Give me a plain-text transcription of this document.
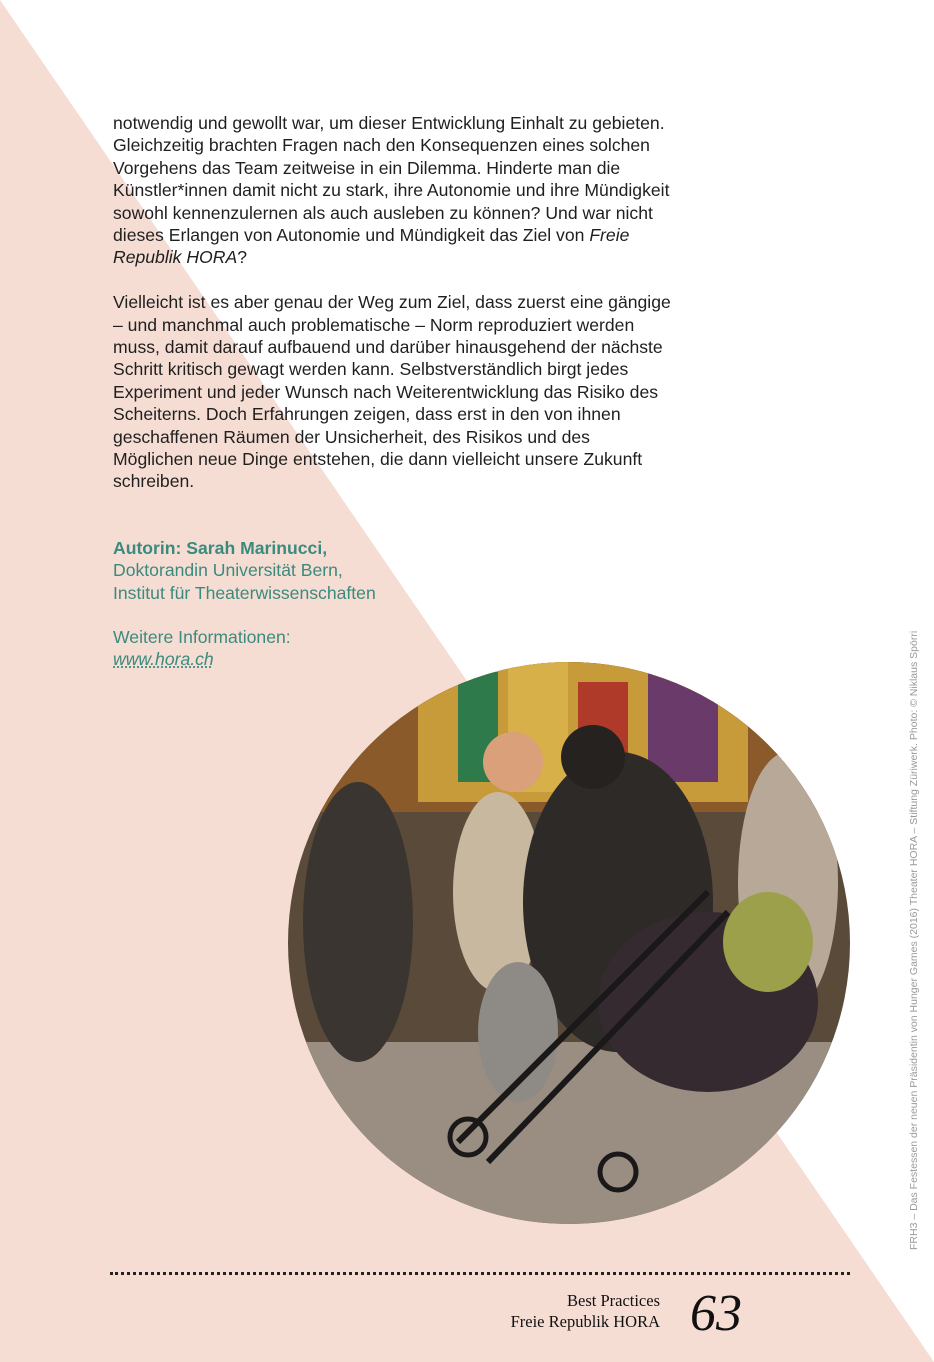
notwendig und gewollt war, um dieser Entwicklung Einhalt zu gebieten. Gleichzeitig brachten Fragen nach den Konsequenzen eines solchen Vorgehens das Team zeitweise in ein Dilemma. Hinderte man die Künstler*innen damit nicht zu stark, ihre Autonomie und ihre Mündigkeit sowohl kennenzulernen als auch ausleben zu können? Und war nicht dieses Erlangen von Autonomie und Mündigkeit das Ziel von Freie Republik HORA?

Vielleicht ist es aber genau der Weg zum Ziel, dass zuerst eine gängige – und manchmal auch problematische – Norm reproduziert werden muss, damit darauf aufbauend und darüber hinausgehend der nächste Schritt kritisch gewagt werden kann. Selbstverständlich birgt jedes Experiment und jeder Wunsch nach Weiterentwicklung das Risiko des Scheiterns. Doch Erfahrungen zeigen, dass erst in den von ihnen geschaffenen Räumen der Unsicherheit, des Risikos und des Möglichen neue Dinge entstehen, die dann vielleicht unsere Zukunft schreiben.

Autorin: Sarah Marinucci,
Doktorandin Universität Bern,
Institut für Theaterwissenschaften
Weitere Informationen:
www.hora.ch	FRH3 – Das Festessen der neuen Präsidentin von Hunger Games (2016) Theater HORA – Stiftung Züriwerk. Photo: © Niklaus Spörri
Best Practices
Freie Republik HORA 63
